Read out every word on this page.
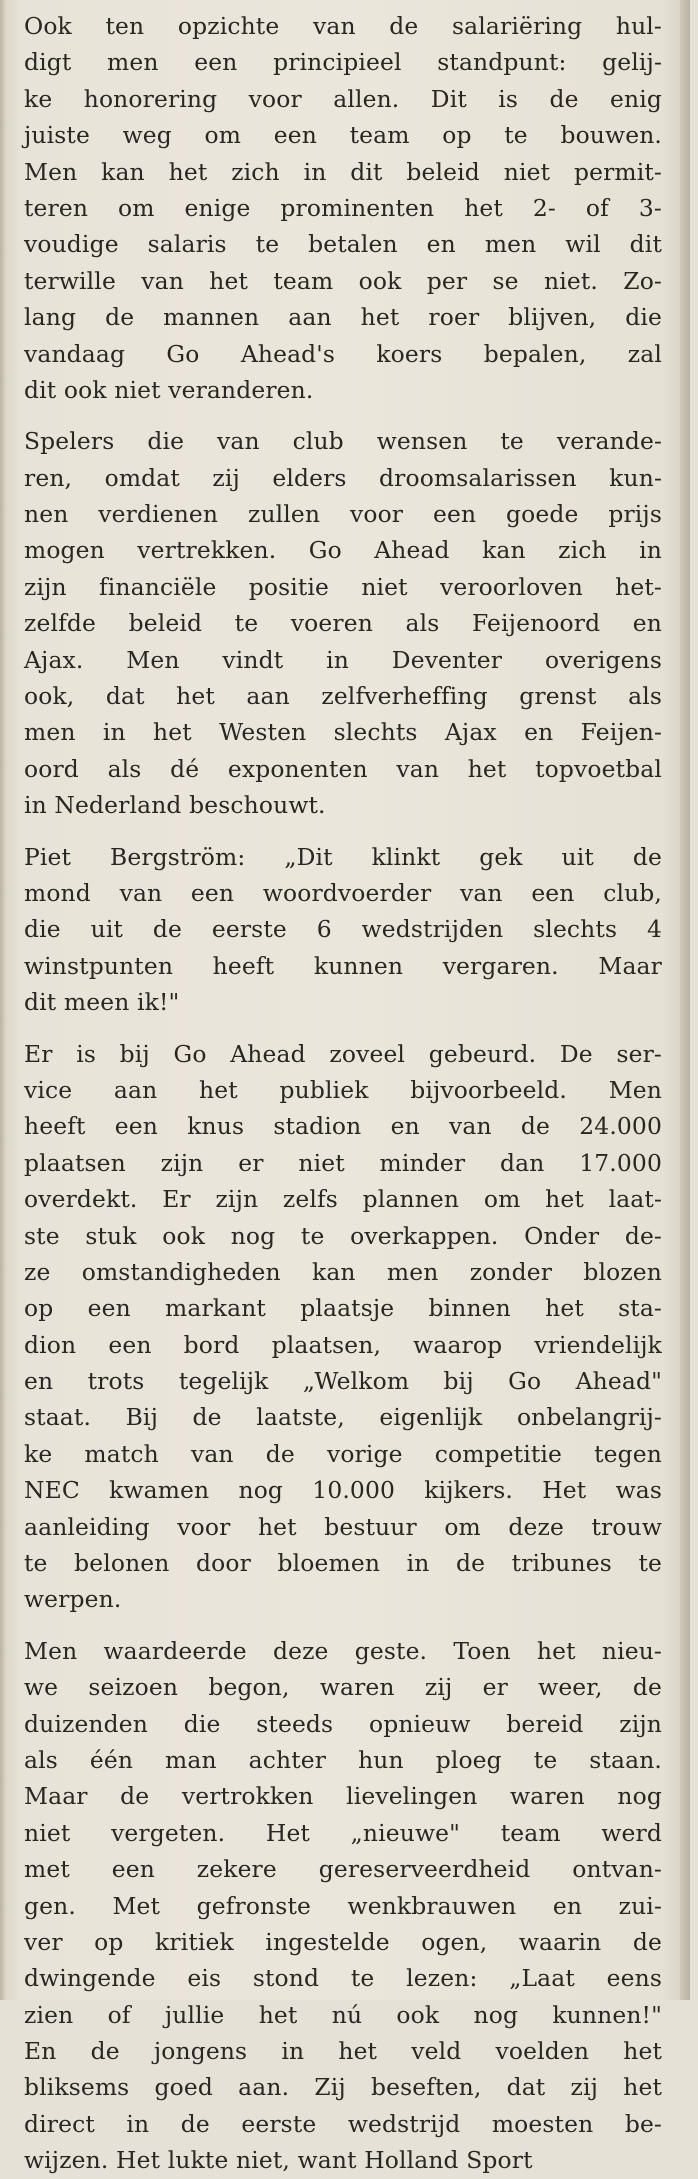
Ook ten opzichte van de salariëring hul-
digt men een principieel standpunt: gelij-
ke honorering voor allen. Dit is de enig
juiste weg om een team op te bouwen.
Men kan het zich in dit beleid niet permit-
teren om enige prominenten het 2- of 3-
voudige salaris te betalen en men wil dit
terwille van het team ook per se niet. Zo-
lang de mannen aan het roer blijven, die
vandaag Go Ahead's koers bepalen, zal
dit ook niet veranderen.
Spelers die van club wensen te verande-
ren, omdat zij elders droomsalarissen kun-
nen verdienen zullen voor een goede prijs
mogen vertrekken. Go Ahead kan zich in
zijn financiële positie niet veroorloven het-
zelfde beleid te voeren als Feijenoord en
Ajax. Men vindt in Deventer overigens
ook, dat het aan zelfverheffing grenst als
men in het Westen slechts Ajax en Feijen-
oord als dé exponenten van het topvoetbal
in Nederland beschouwt.
Piet Bergström: „Dit klinkt gek uit de
mond van een woordvoerder van een club,
die uit de eerste 6 wedstrijden slechts 4
winstpunten heeft kunnen vergaren. Maar
dit meen ik!"
Er is bij Go Ahead zoveel gebeurd. De ser-
vice aan het publiek bijvoorbeeld. Men
heeft een knus stadion en van de 24.000
plaatsen zijn er niet minder dan 17.000
overdekt. Er zijn zelfs plannen om het laat-
ste stuk ook nog te overkappen. Onder de-
ze omstandigheden kan men zonder blozen
op een markant plaatsje binnen het sta-
dion een bord plaatsen, waarop vriendelijk
en trots tegelijk „Welkom bij Go Ahead"
staat. Bij de laatste, eigenlijk onbelangrij-
ke match van de vorige competitie tegen
NEC kwamen nog 10.000 kijkers. Het was
aanleiding voor het bestuur om deze trouw
te belonen door bloemen in de tribunes te
werpen.
Men waardeerde deze geste. Toen het nieu-
we seizoen begon, waren zij er weer, de
duizenden die steeds opnieuw bereid zijn
als één man achter hun ploeg te staan.
Maar de vertrokken lievelingen waren nog
niet vergeten. Het „nieuwe" team werd
met een zekere gereserveerdheid ontvan-
gen. Met gefronste wenkbrauwen en zui-
ver op kritiek ingestelde ogen, waarin de
dwingende eis stond te lezen: „Laat eens
zien of jullie het nú ook nog kunnen!"
En de jongens in het veld voelden het
bliksems goed aan. Zij beseften, dat zij het
direct in de eerste wedstrijd moesten be-
wijzen. Het lukte niet, want Holland Sport
